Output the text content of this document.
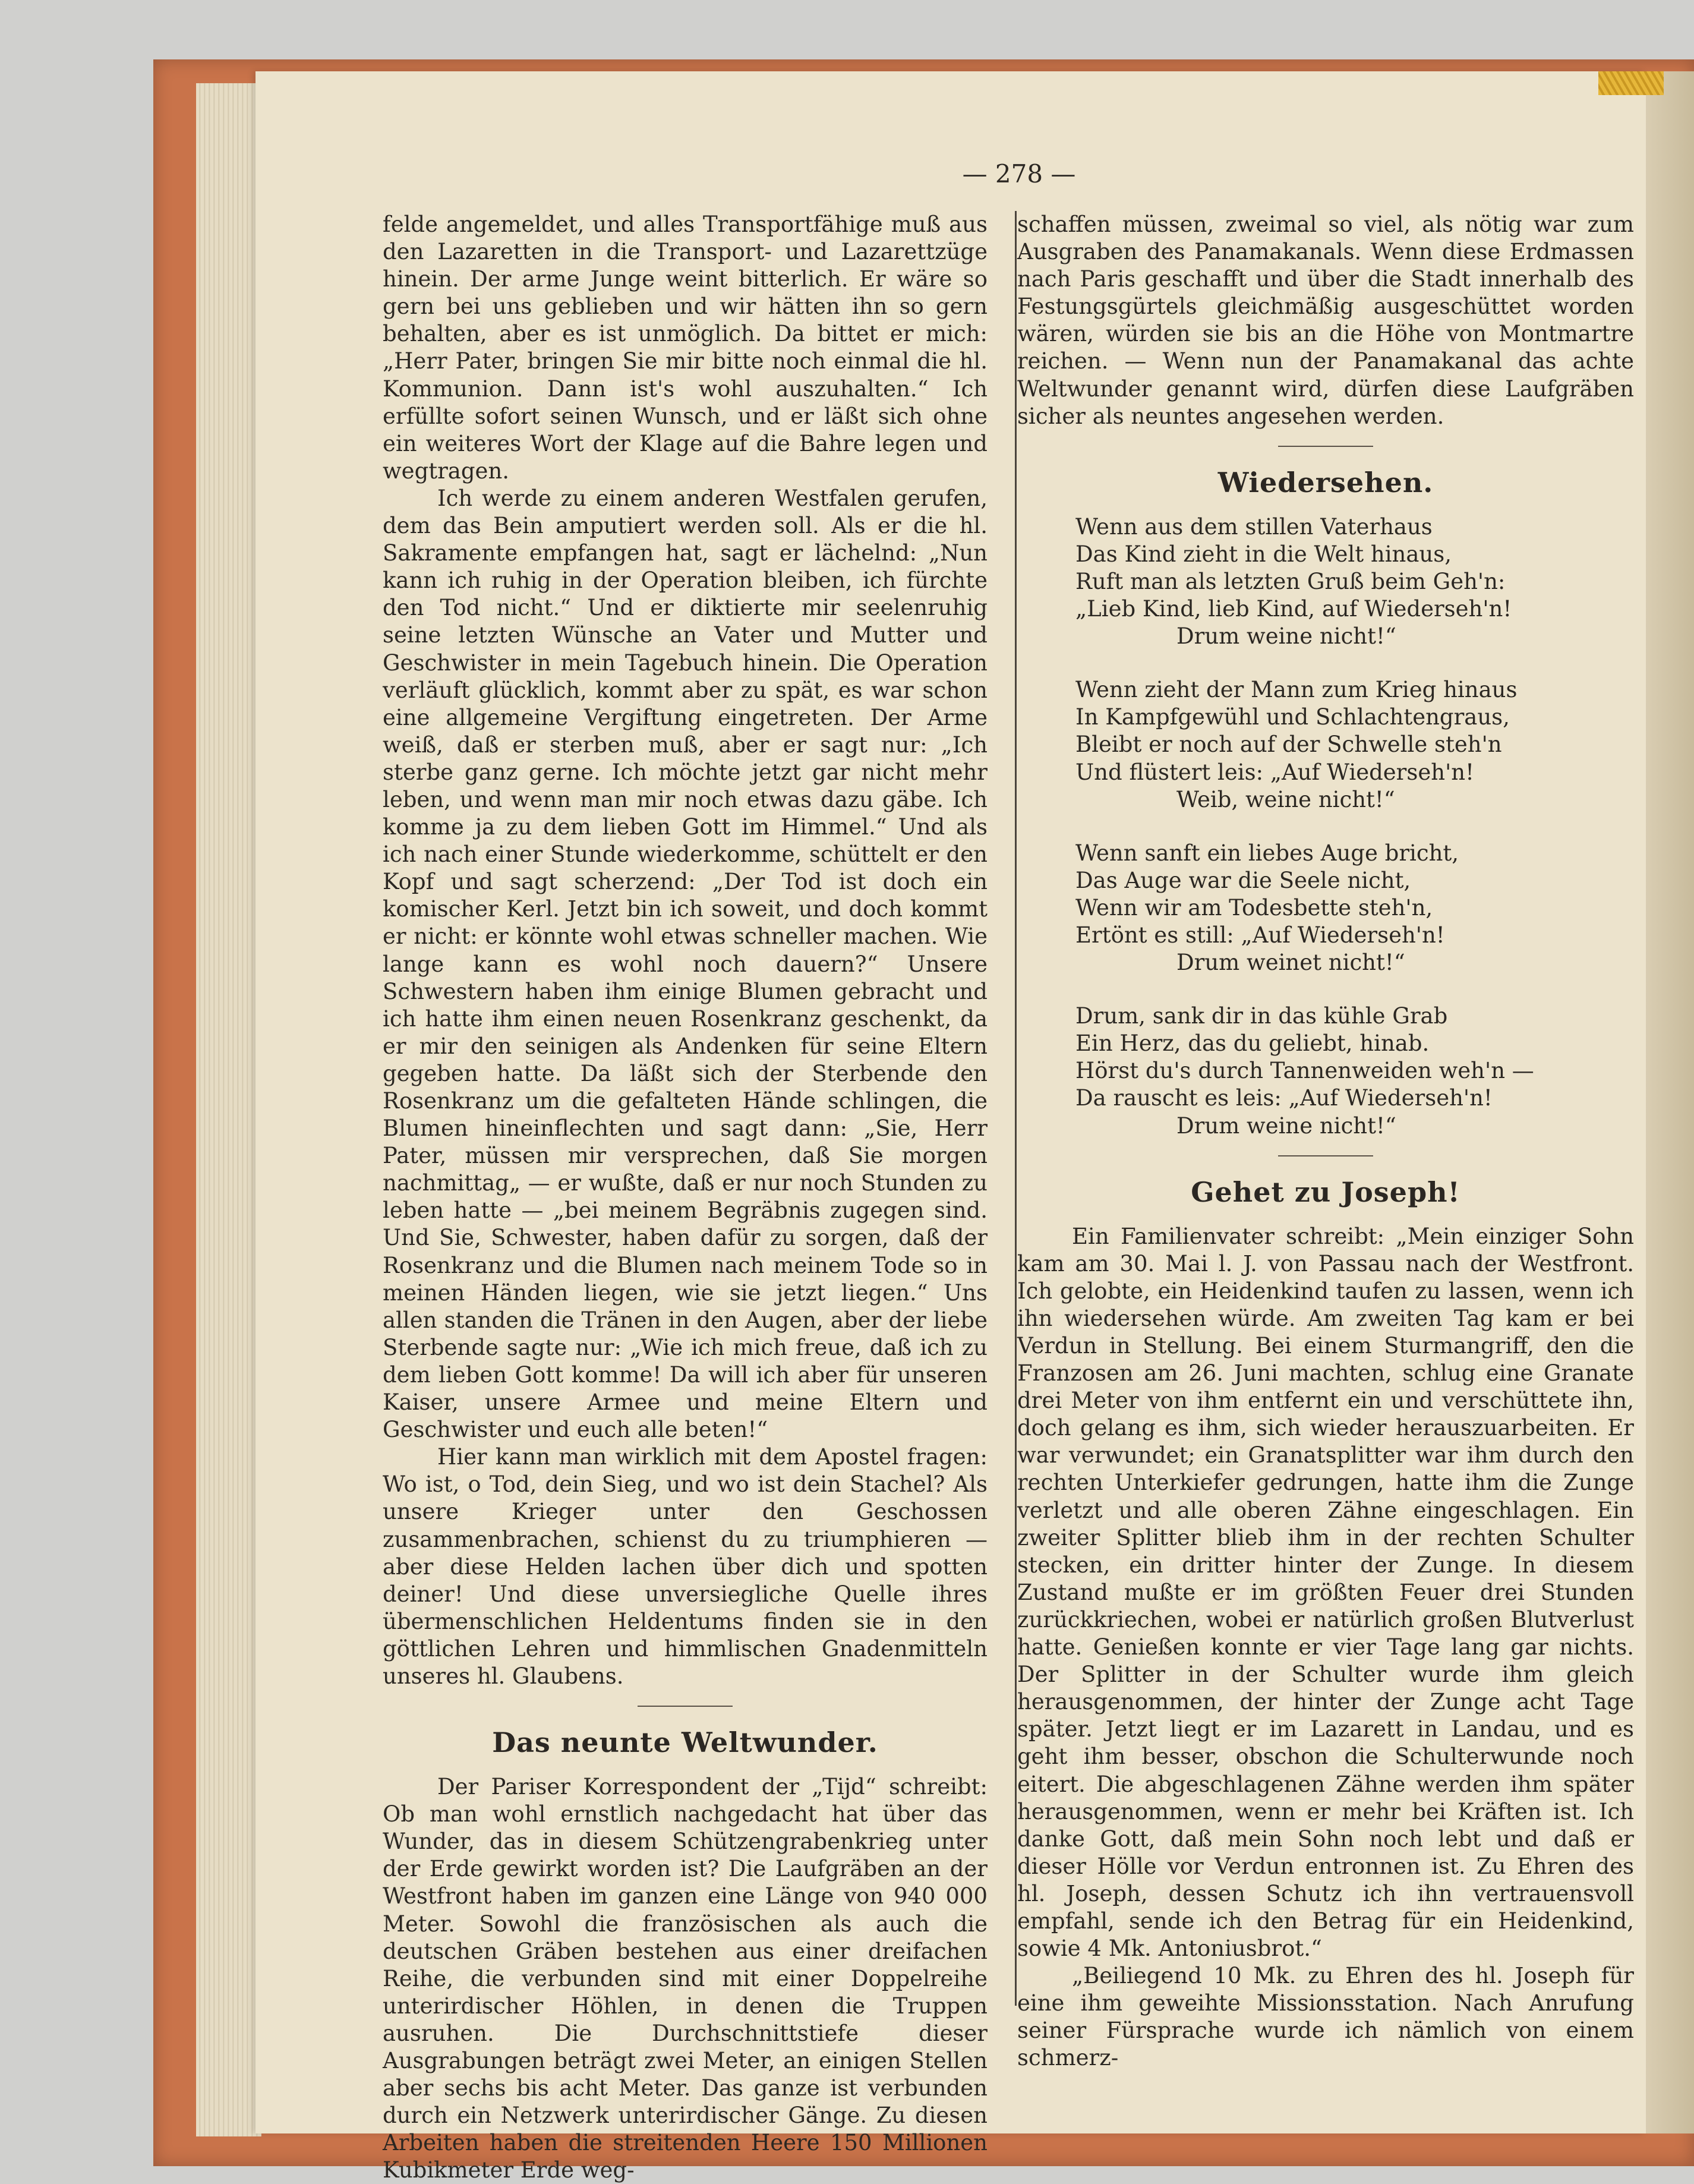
— 278 —

felde angemeldet, und alles Transportfähige muß aus den Lazaretten in die Transport- und Lazarettzüge hinein. Der arme Junge weint bitterlich. Er wäre so gern bei uns geblieben und wir hätten ihn so gern behalten, aber es ist unmöglich. Da bittet er mich: „Herr Pater, bringen Sie mir bitte noch einmal die hl. Kommunion. Dann ist's wohl auszuhalten.“ Ich erfüllte sofort seinen Wunsch, und er läßt sich ohne ein weiteres Wort der Klage auf die Bahre legen und wegtragen.

Ich werde zu einem anderen Westfalen gerufen, dem das Bein amputiert werden soll. Als er die hl. Sakramente empfangen hat, sagt er lächelnd: „Nun kann ich ruhig in der Operation bleiben, ich fürchte den Tod nicht.“ Und er diktierte mir seelenruhig seine letzten Wünsche an Vater und Mutter und Geschwister in mein Tagebuch hinein. Die Operation verläuft glücklich, kommt aber zu spät, es war schon eine allgemeine Vergiftung eingetreten. Der Arme weiß, daß er sterben muß, aber er sagt nur: „Ich sterbe ganz gerne. Ich möchte jetzt gar nicht mehr leben, und wenn man mir noch etwas dazu gäbe. Ich komme ja zu dem lieben Gott im Himmel.“ Und als ich nach einer Stunde wiederkomme, schüttelt er den Kopf und sagt scherzend: „Der Tod ist doch ein komischer Kerl. Jetzt bin ich soweit, und doch kommt er nicht: er könnte wohl etwas schneller machen. Wie lange kann es wohl noch dauern?“ Unsere Schwestern haben ihm einige Blumen gebracht und ich hatte ihm einen neuen Rosenkranz geschenkt, da er mir den seinigen als Andenken für seine Eltern gegeben hatte. Da läßt sich der Sterbende den Rosenkranz um die gefalteten Hände schlingen, die Blumen hineinflechten und sagt dann: „Sie, Herr Pater, müssen mir versprechen, daß Sie morgen nachmittag„ — er wußte, daß er nur noch Stunden zu leben hatte — „bei meinem Begräbnis zugegen sind. Und Sie, Schwester, haben dafür zu sorgen, daß der Rosenkranz und die Blumen nach meinem Tode so in meinen Händen liegen, wie sie jetzt liegen.“ Uns allen standen die Tränen in den Augen, aber der liebe Sterbende sagte nur: „Wie ich mich freue, daß ich zu dem lieben Gott komme! Da will ich aber für unseren Kaiser, unsere Armee und meine Eltern und Geschwister und euch alle beten!“

Hier kann man wirklich mit dem Apostel fragen: Wo ist, o Tod, dein Sieg, und wo ist dein Stachel? Als unsere Krieger unter den Geschossen zusammenbrachen, schienst du zu triumphieren — aber diese Helden lachen über dich und spotten deiner! Und diese unversiegliche Quelle ihres übermenschlichen Heldentums finden sie in den göttlichen Lehren und himmlischen Gnadenmitteln unseres hl. Glaubens.

Das neunte Weltwunder.

Der Pariser Korrespondent der „Tijd“ schreibt: Ob man wohl ernstlich nachgedacht hat über das Wunder, das in diesem Schützengrabenkrieg unter der Erde gewirkt worden ist? Die Laufgräben an der Westfront haben im ganzen eine Länge von 940 000 Meter. Sowohl die französischen als auch die deutschen Gräben bestehen aus einer dreifachen Reihe, die verbunden sind mit einer Doppelreihe unterirdischer Höhlen, in denen die Truppen ausruhen. Die Durchschnittstiefe dieser Ausgrabungen beträgt zwei Meter, an einigen Stellen aber sechs bis acht Meter. Das ganze ist verbunden durch ein Netzwerk unterirdischer Gänge. Zu diesen Arbeiten haben die streitenden Heere 150 Millionen Kubikmeter Erde weg-

schaffen müssen, zweimal so viel, als nötig war zum Ausgraben des Panamakanals. Wenn diese Erdmassen nach Paris geschafft und über die Stadt innerhalb des Festungsgürtels gleichmäßig ausgeschüttet worden wären, würden sie bis an die Höhe von Montmartre reichen. — Wenn nun der Panamakanal das achte Weltwunder genannt wird, dürfen diese Laufgräben sicher als neuntes angesehen werden.

Wiedersehen.
Wenn aus dem stillen Vaterhaus
Das Kind zieht in die Welt hinaus,
Ruft man als letzten Gruß beim Geh'n:
„Lieb Kind, lieb Kind, auf Wiederseh'n!
Drum weine nicht!“
Wenn zieht der Mann zum Krieg hinaus
In Kampfgewühl und Schlachtengraus,
Bleibt er noch auf der Schwelle steh'n
Und flüstert leis: „Auf Wiederseh'n!
Weib, weine nicht!“
Wenn sanft ein liebes Auge bricht,
Das Auge war die Seele nicht,
Wenn wir am Todesbette steh'n,
Ertönt es still: „Auf Wiederseh'n!
Drum weinet nicht!“
Drum, sank dir in das kühle Grab
Ein Herz, das du geliebt, hinab.
Hörst du's durch Tannenweiden weh'n —
Da rauscht es leis: „Auf Wiederseh'n!
Drum weine nicht!“
Gehet zu Joseph!

Ein Familienvater schreibt: „Mein einziger Sohn kam am 30. Mai l. J. von Passau nach der Westfront. Ich gelobte, ein Heidenkind taufen zu lassen, wenn ich ihn wiedersehen würde. Am zweiten Tag kam er bei Verdun in Stellung. Bei einem Sturmangriff, den die Franzosen am 26. Juni machten, schlug eine Granate drei Meter von ihm entfernt ein und verschüttete ihn, doch gelang es ihm, sich wieder herauszuarbeiten. Er war verwundet; ein Granatsplitter war ihm durch den rechten Unterkiefer gedrungen, hatte ihm die Zunge verletzt und alle oberen Zähne eingeschlagen. Ein zweiter Splitter blieb ihm in der rechten Schulter stecken, ein dritter hinter der Zunge. In diesem Zustand mußte er im größten Feuer drei Stunden zurückkriechen, wobei er natürlich großen Blutverlust hatte. Genießen konnte er vier Tage lang gar nichts. Der Splitter in der Schulter wurde ihm gleich herausgenommen, der hinter der Zunge acht Tage später. Jetzt liegt er im Lazarett in Landau, und es geht ihm besser, obschon die Schulterwunde noch eitert. Die abgeschlagenen Zähne werden ihm später herausgenommen, wenn er mehr bei Kräften ist. Ich danke Gott, daß mein Sohn noch lebt und daß er dieser Hölle vor Verdun entronnen ist. Zu Ehren des hl. Joseph, dessen Schutz ich ihn vertrauensvoll empfahl, sende ich den Betrag für ein Heidenkind, sowie 4 Mk. Antoniusbrot.“

„Beiliegend 10 Mk. zu Ehren des hl. Joseph für eine ihm geweihte Missionsstation. Nach Anrufung seiner Fürsprache wurde ich nämlich von einem schmerz-
